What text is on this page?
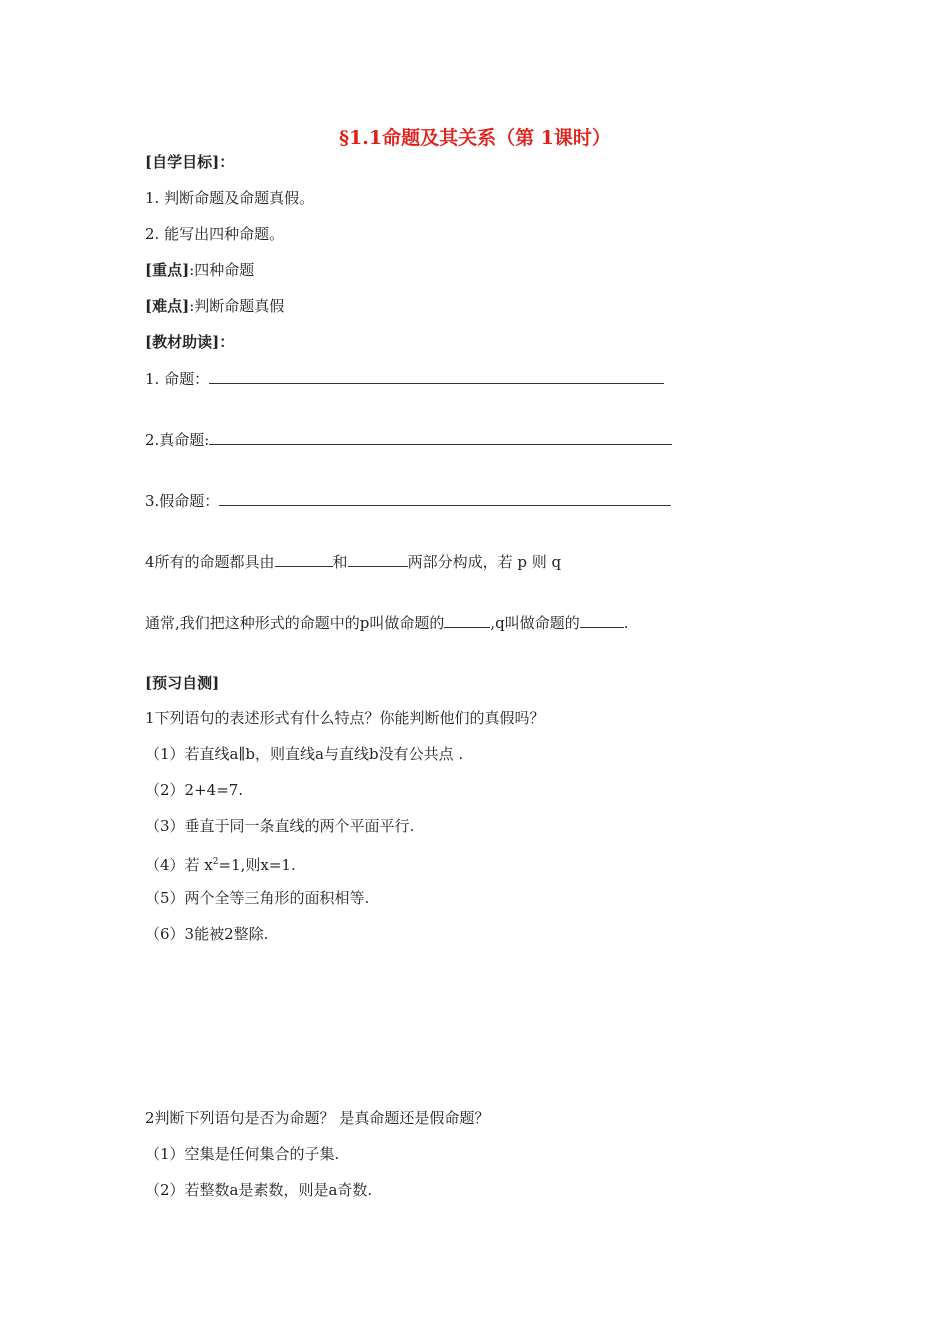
§1.1命题及其关系（第 1课时）
[自学目标]：
1. 判断命题及命题真假。
2. 能写出四种命题。
[重点]:四种命题
[难点]:判断命题真假
[教材助读]：
1. 命题：
2.真命题:
3.假命题：
4所有的命题都具由	和	两部分构成，若 p 则 q
通常,我们把这种形式的命题中的p叫做命题的	,q叫做命题的	.
[预习自测]
1下列语句的表述形式有什么特点？你能判断他们的真假吗？
（1）若直线a∥b，则直线a与直线b没有公共点 .
（2）2+4=7.
（3）垂直于同一条直线的两个平面平行.
（4）若 $x^2=1$,则x=1.
（5）两个全等三角形的面积相等.
（6）3能被2整除.
2判断下列语句是否为命题？ 是真命题还是假命题？
（1）空集是任何集合的子集.
（2）若整数a是素数，则是a奇数.
